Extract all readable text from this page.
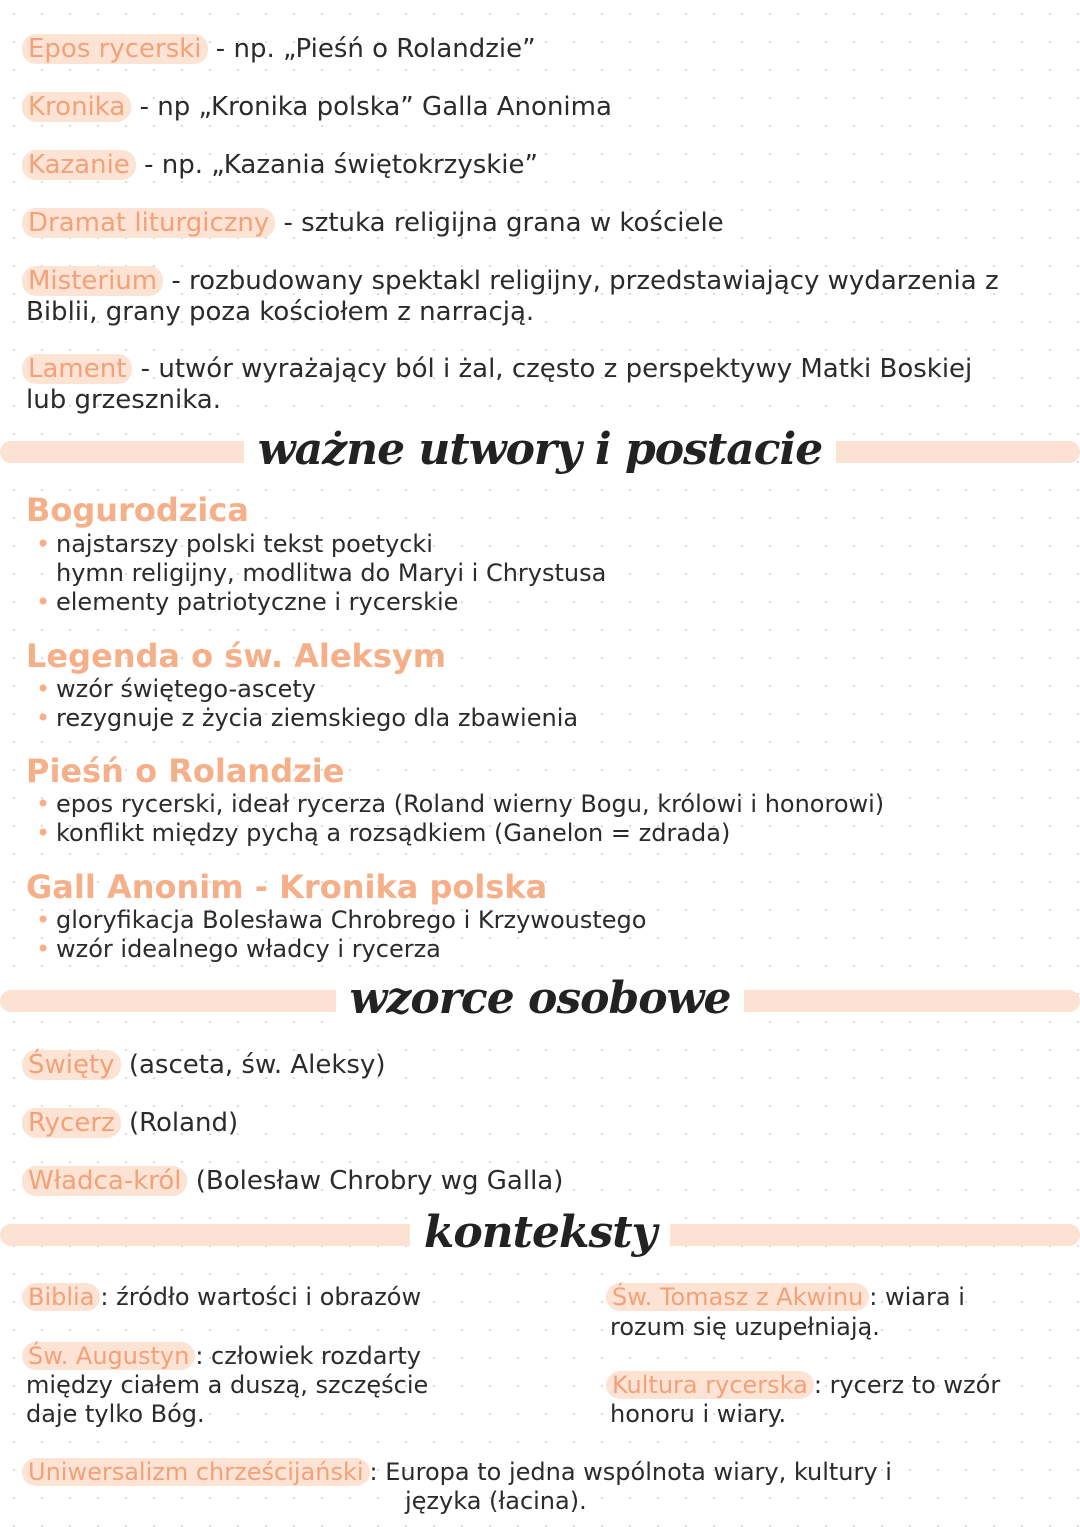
Epos rycerski - np. „Pieśń o Rolandzie”
Kronika - np „Kronika polska” Galla Anonima
Kazanie - np. „Kazania świętokrzyskie”
Dramat liturgiczny - sztuka religijna grana w kościele
Misterium - rozbudowany spektakl religijny, przedstawiający wydarzenia z
Biblii, grany poza kościołem z narracją.
Lament - utwór wyrażający ból i żal, często z perspektywy Matki Boskiej
lub grzesznika.
ważne utwory i postacie
Bogurodzica
• najstarszy polski tekst poetycki
hymn religijny, modlitwa do Maryi i Chrystusa
• elementy patriotyczne i rycerskie
Legenda o św. Aleksym
• wzór świętego-ascety
• rezygnuje z życia ziemskiego dla zbawienia
Pieśń o Rolandzie
• epos rycerski, ideał rycerza (Roland wierny Bogu, królowi i honorowi)
• konflikt między pychą a rozsądkiem (Ganelon = zdrada)
Gall Anonim - Kronika polska
• gloryfikacja Bolesława Chrobrego i Krzywoustego
• wzór idealnego władcy i rycerza
wzorce osobowe
Święty (asceta, św. Aleksy)
Rycerz (Roland)
Władca-król (Bolesław Chrobry wg Galla)
konteksty
Biblia : źródło wartości i obrazów	Św. Tomasz z Akwinu : wiara i
rozum się uzupełniają.
Św. Augustyn : człowiek rozdarty
między ciałem a duszą, szczęście
daje tylko Bóg.
Kultura rycerska : rycerz to wzór
honoru i wiary.
Uniwersalizm chrześcijański : Europa to jedna wspólnota wiary, kultury i
języka (łacina).
